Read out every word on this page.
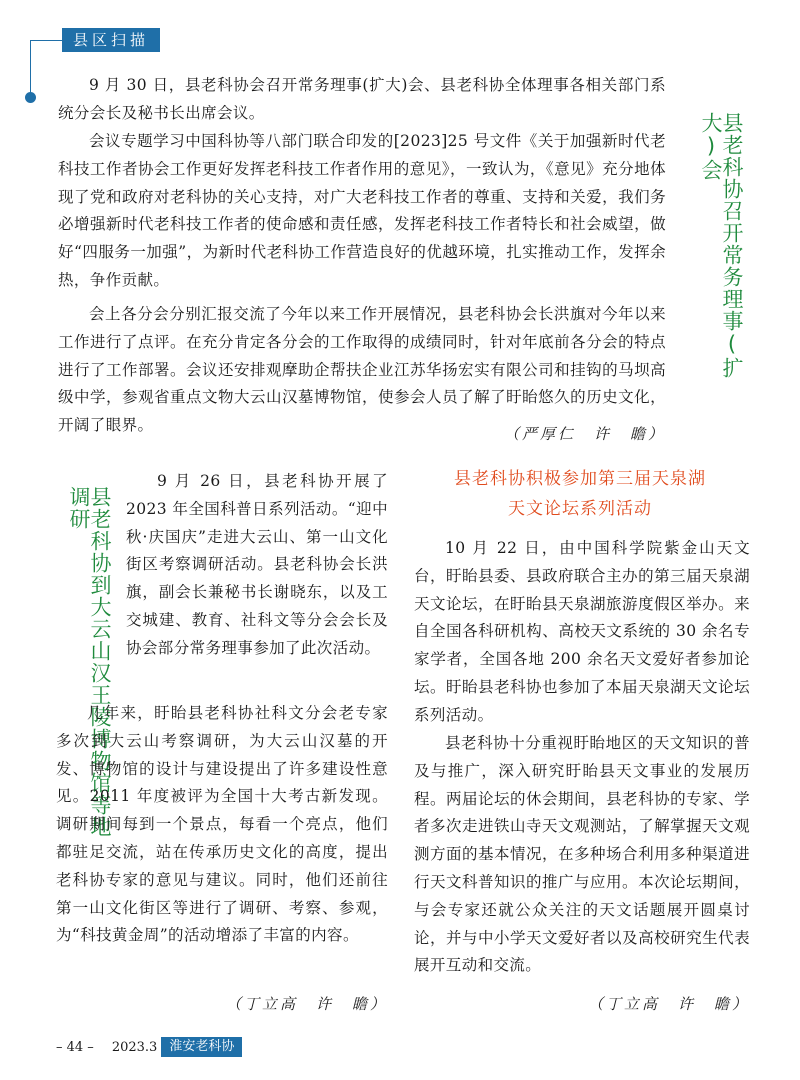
县区扫描

9 月 30 日，县老科协会召开常务理事(扩大)会、县老科协全体理事各相关部门系统分会长及秘书长出席会议。

会议专题学习中国科协等八部门联合印发的[2023]25 号文件《关于加强新时代老科技工作者协会工作更好发挥老科技工作者作用的意见》，一致认为，《意见》充分地体现了党和政府对老科协的关心支持，对广大老科技工作者的尊重、支持和关爱，我们务必增强新时代老科技工作者的使命感和责任感，发挥老科技工作者特长和社会威望，做好“四服务一加强”，为新时代老科协工作营造良好的优越环境，扎实推动工作，发挥余热，争作贡献。

会上各分会分别汇报交流了今年以来工作开展情况，县老科协会长洪旗对今年以来工作进行了点评。在充分肯定各分会的工作取得的成绩同时，针对年底前各分会的特点进行了工作部署。会议还安排观摩助企帮扶企业江苏华扬宏实有限公司和挂钩的马坝高级中学，参观省重点文物大云山汉墓博物馆，使参会人员了解了盱眙悠久的历史文化，开阔了眼界。	（严厚仁　许　瞻）
县老科协召开常务理事(扩大)会
县老科协到大云山汉王陵博物馆等地调研

9 月 26 日，县老科协开展了2023 年全国科普日系列活动。“迎中秋·庆国庆”走进大云山、第一山文化街区考察调研活动。县老科协会长洪旗，副会长兼秘书长谢晓东，以及工交城建、教育、社科文等分会会长及协会部分常务理事参加了此次活动。

几年来，盱眙县老科协社科文分会老专家多次到大云山考察调研，为大云山汉墓的开发、博物馆的设计与建设提出了许多建设性意见。2011 年度被评为全国十大考古新发现。调研期间每到一个景点，每看一个亮点，他们都驻足交流，站在传承历史文化的高度，提出老科协专家的意见与建议。同时，他们还前往第一山文化街区等进行了调研、考察、参观，为“科技黄金周”的活动增添了丰富的内容。

（丁立高　许　瞻）

县老科协积极参加第三届天泉湖

天文论坛系列活动

10 月 22 日，由中国科学院紫金山天文台，盱眙县委、县政府联合主办的第三届天泉湖天文论坛，在盱眙县天泉湖旅游度假区举办。来自全国各科研机构、高校天文系统的 30 余名专家学者，全国各地 200 余名天文爱好者参加论坛。盱眙县老科协也参加了本届天泉湖天文论坛系列活动。

县老科协十分重视盱眙地区的天文知识的普及与推广，深入研究盱眙县天文事业的发展历程。两届论坛的休会期间，县老科协的专家、学者多次走进铁山寺天文观测站，了解掌握天文观测方面的基本情况，在多种场合利用多种渠道进行天文科普知识的推广与应用。本次论坛期间，与会专家还就公众关注的天文话题展开圆桌讨论，并与中小学天文爱好者以及高校研究生代表展开互动和交流。

（丁立高　许　瞻）
– 44 – 2023.3 淮安老科协
